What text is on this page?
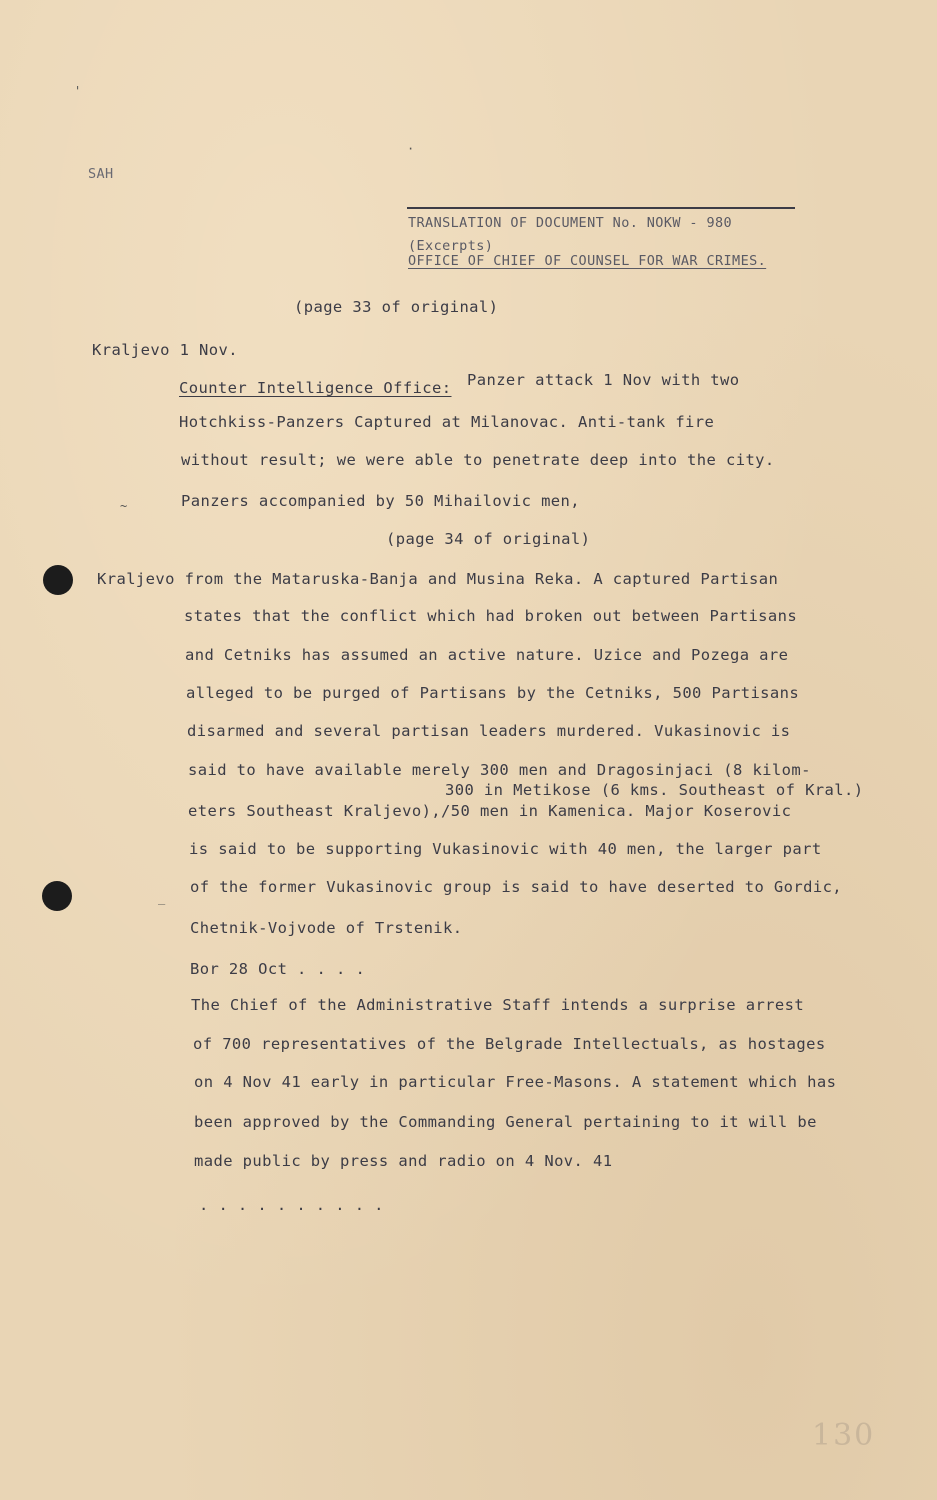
'
·
SAH
TRANSLATION OF DOCUMENT No. NOKW - 980
(Excerpts)
OFFICE OF CHIEF OF COUNSEL FOR WAR CRIMES.
(page 33 of original)
Kraljevo 1 Nov.
Counter Intelligence Office: Panzer attack 1 Nov with two
Hotchkiss-Panzers Captured at Milanovac. Anti-tank fire
without result; we were able to penetrate deep into the city.
~	Panzers accompanied by 50 Mihailovic men,
(page 34 of original)
Kraljevo from the Mataruska-Banja and Musina Reka. A captured Partisan
states that the conflict which had broken out between Partisans
and Cetniks has assumed an active nature. Uzice and Pozega are
alleged to be purged of Partisans by the Cetniks, 500 Partisans
disarmed and several partisan leaders murdered. Vukasinovic is
said to have available merely 300 men and Dragosinjaci (8 kilom-
300 in Metikose (6 kms. Southeast of Kral.)
eters Southeast Kraljevo),/50 men in Kamenica. Major Koserovic
is said to be supporting Vukasinovic with 40 men, the larger part
_
of the former Vukasinovic group is said to have deserted to Gordic,
Chetnik-Vojvode of Trstenik.
Bor 28 Oct . . . .
The Chief of the Administrative Staff intends a surprise arrest
of 700 representatives of the Belgrade Intellectuals, as hostages
on 4 Nov 41 early in particular Free-Masons. A statement which has
been approved by the Commanding General pertaining to it will be
made public by press and radio on 4 Nov. 41
. . . . . . . . . .
130
